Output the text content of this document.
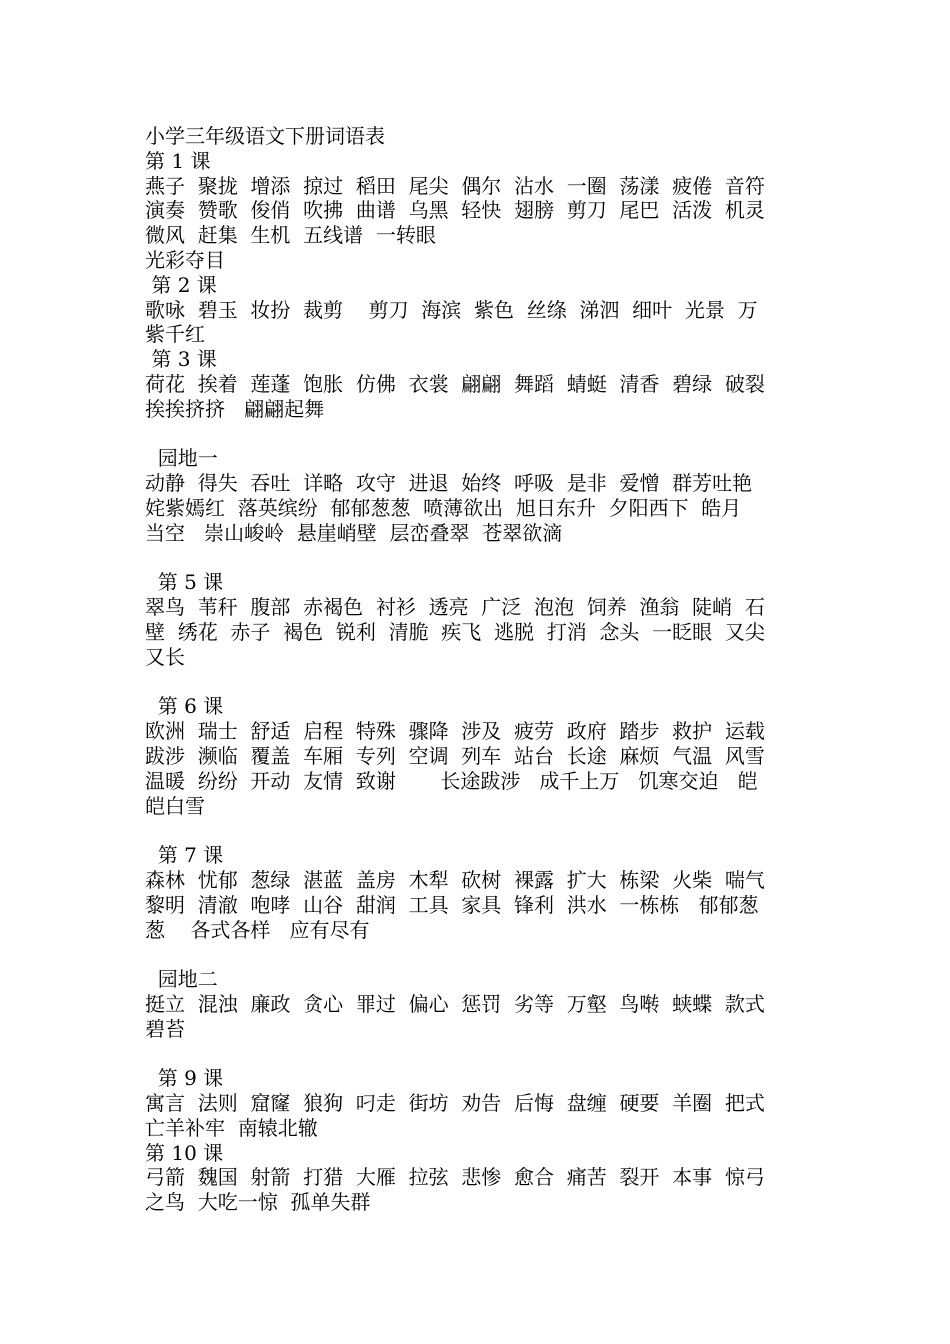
小学三年级语文下册词语表
第 1 课
燕子  聚拢  增添  掠过  稻田  尾尖  偶尔  沾水  一圈  荡漾  疲倦  音符
演奏  赞歌  俊俏  吹拂  曲谱  乌黑  轻快  翅膀  剪刀  尾巴  活泼  机灵
微风  赶集  生机  五线谱  一转眼
光彩夺目
第 2 课
歌咏  碧玉  妆扮  裁剪    剪刀  海滨  紫色  丝绦  涕泗  细叶  光景  万
紫千红
第 3 课
荷花  挨着  莲蓬  饱胀  仿佛  衣裳  翩翩  舞蹈  蜻蜓  清香  碧绿  破裂
挨挨挤挤   翩翩起舞
园地一
动静  得失  吞吐  详略  攻守  进退  始终  呼吸  是非  爱憎  群芳吐艳
姹紫嫣红  落英缤纷  郁郁葱葱  喷薄欲出  旭日东升  夕阳西下  皓月
当空   崇山峻岭  悬崖峭壁  层峦叠翠  苍翠欲滴
第 5 课
翠鸟  苇秆  腹部  赤褐色  衬衫  透亮  广泛  泡泡  饲养  渔翁  陡峭  石
壁  绣花  赤子  褐色  锐利  清脆  疾飞  逃脱  打消  念头  一眨眼  又尖
又长
第 6 课
欧洲  瑞士  舒适  启程  特殊  骤降  涉及  疲劳  政府  踏步  救护  运载
跋涉  濒临  覆盖  车厢  专列  空调  列车  站台  长途  麻烦  气温  风雪
温暖  纷纷  开动  友情  致谢       长途跋涉   成千上万   饥寒交迫   皑
皑白雪
第 7 课
森林  忧郁  葱绿  湛蓝  盖房  木犁  砍树  裸露  扩大  栋梁  火柴  喘气
黎明  清澈  咆哮  山谷  甜润  工具  家具  锋利  洪水  一栋栋   郁郁葱
葱    各式各样   应有尽有
园地二
挺立  混浊  廉政  贪心  罪过  偏心  惩罚  劣等  万壑  鸟啭  蛱蝶  款式
碧苔
第 9 课
寓言  法则  窟窿  狼狗  叼走  街坊  劝告  后悔  盘缠  硬要  羊圈  把式
亡羊补牢  南辕北辙
第 10 课
弓箭  魏国  射箭  打猎  大雁  拉弦  悲惨  愈合  痛苦  裂开  本事  惊弓
之鸟  大吃一惊  孤单失群
